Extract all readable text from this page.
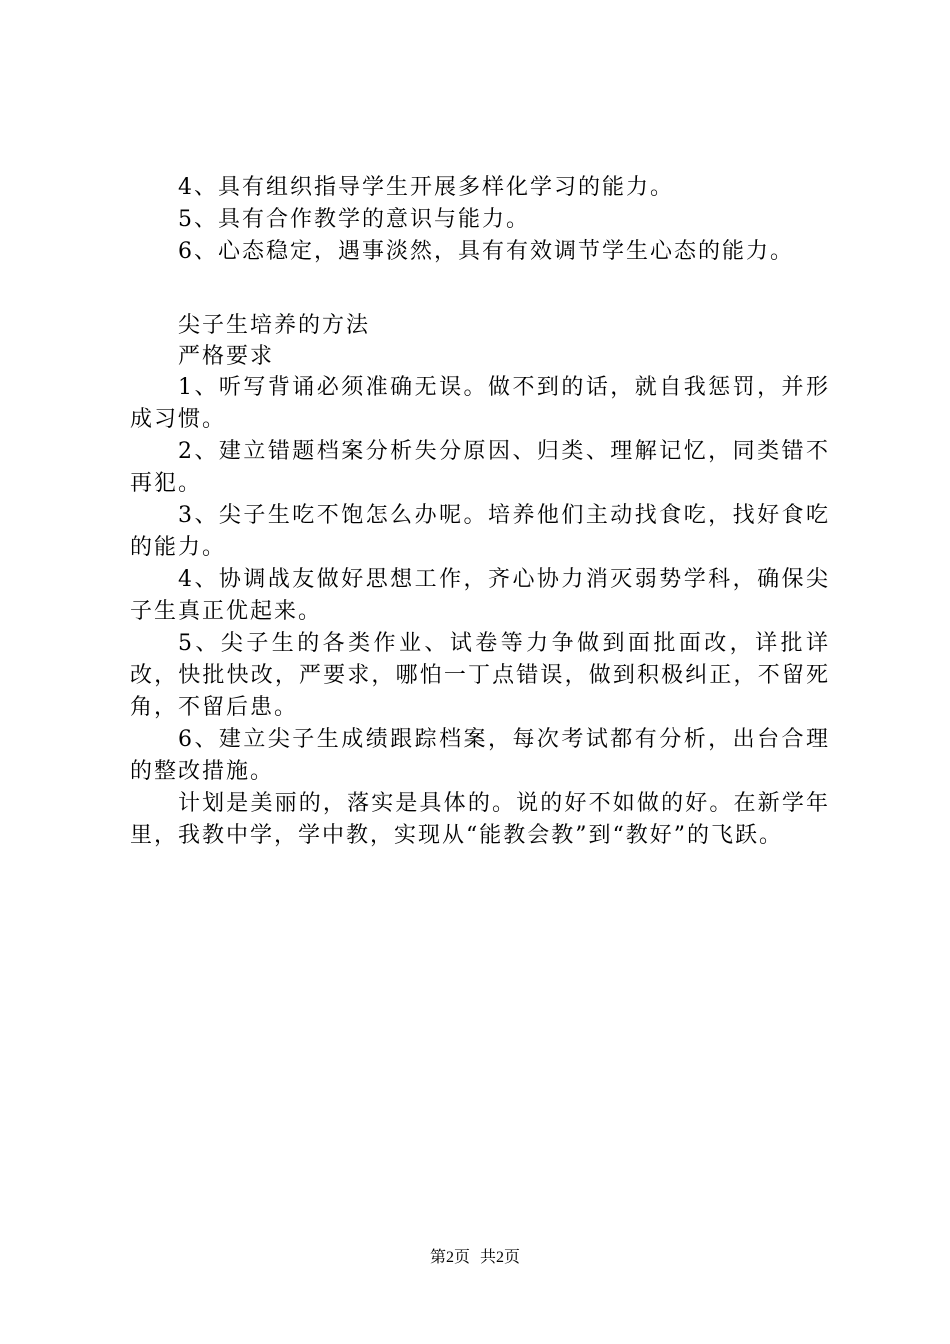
4、具有组织指导学生开展多样化学习的能力。
5、具有合作教学的意识与能力。
6、心态稳定，遇事淡然，具有有效调节学生心态的能力。
尖子生培养的方法
严格要求

1、听写背诵必须准确无误。做不到的话，就自我惩罚，并形成习惯。

2、建立错题档案分析失分原因、归类、理解记忆，同类错不再犯。

3、尖子生吃不饱怎么办呢。培养他们主动找食吃，找好食吃的能力。

4、协调战友做好思想工作，齐心协力消灭弱势学科，确保尖子生真正优起来。

5、尖子生的各类作业、试卷等力争做到面批面改，详批详改，快批快改，严要求，哪怕一丁点错误，做到积极纠正，不留死角，不留后患。

6、建立尖子生成绩跟踪档案，每次考试都有分析，出台合理的整改措施。

计划是美丽的，落实是具体的。说的好不如做的好。在新学年里，我教中学，学中教，实现从“能教会教”到“教好”的飞跃。

第2页 共2页
